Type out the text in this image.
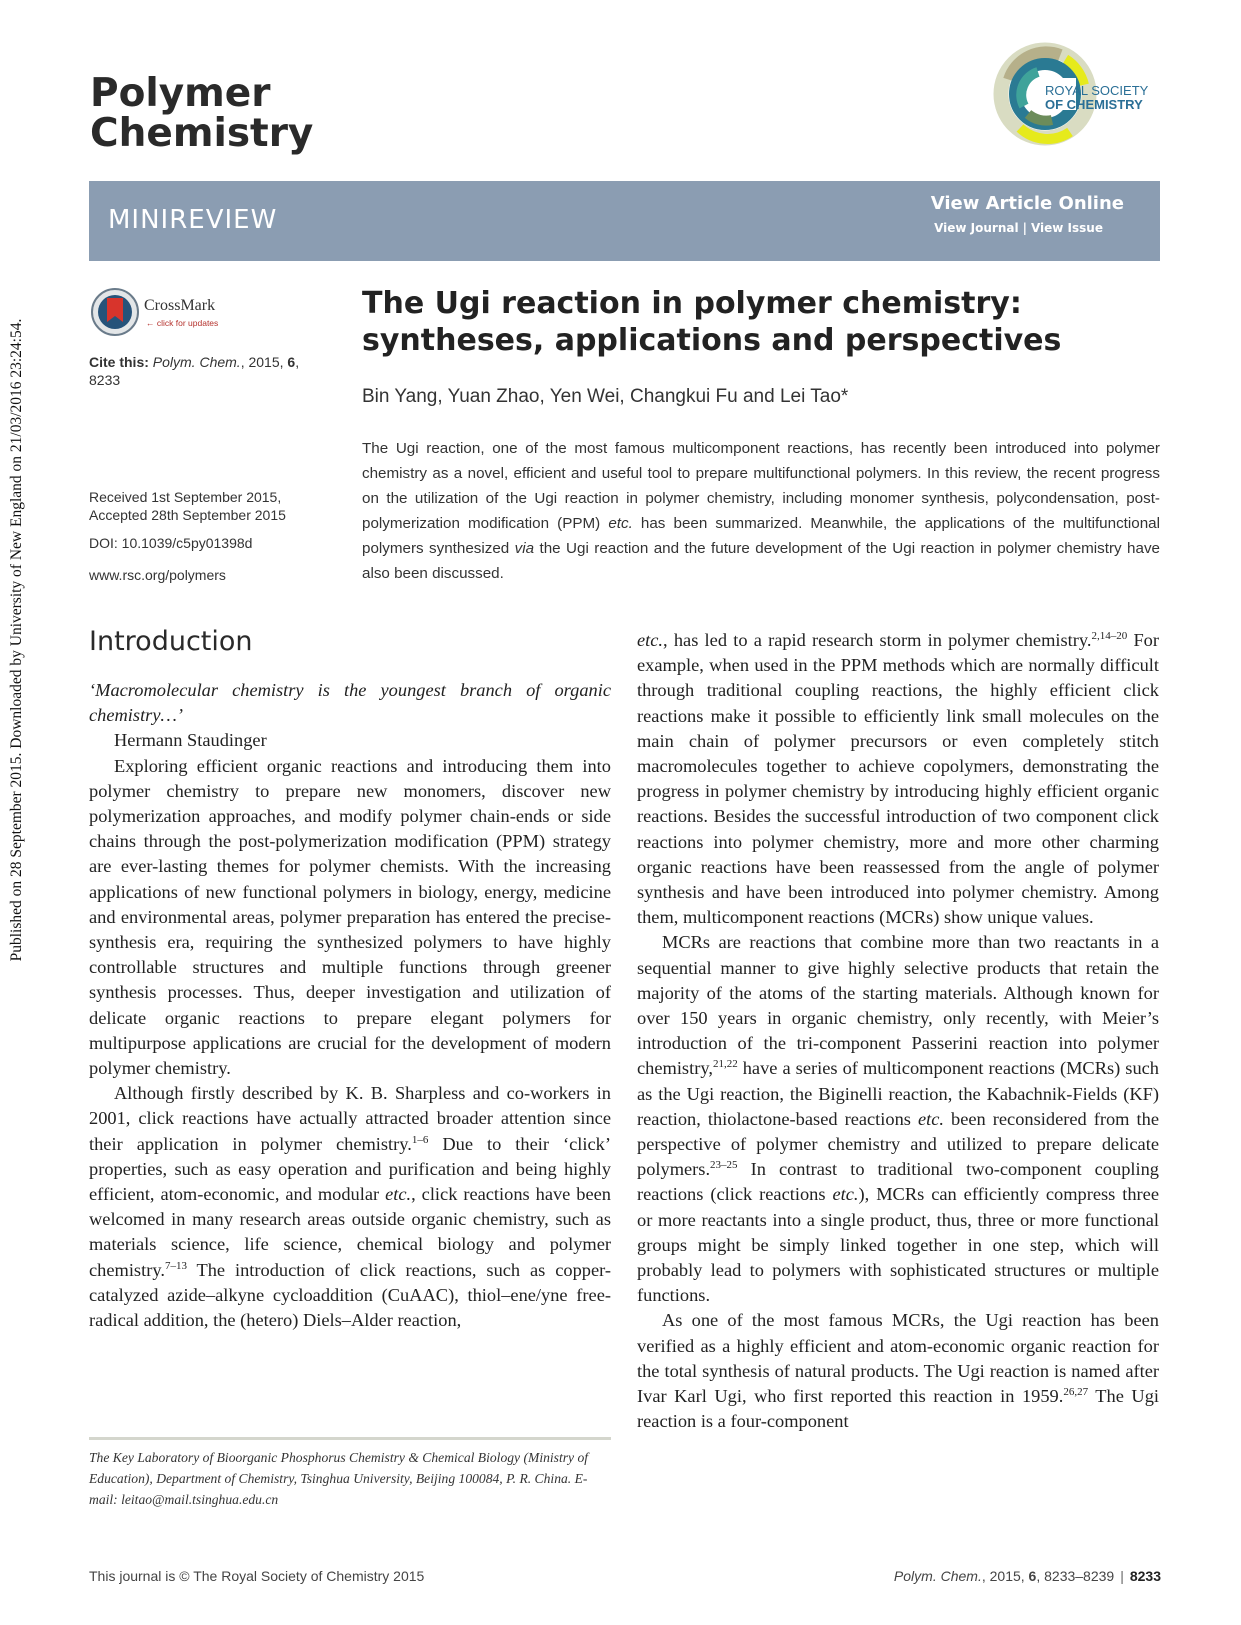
Published on 28 September 2015. Downloaded by University of New England on 21/03/2016 23:24:54.
Polymer
Chemistry
ROYAL SOCIETY
OF CHEMISTRY
MINIREVIEW
View Article Online
View Journal | View Issue
CrossMark
← click for updates
Cite this: Polym. Chem., 2015, 6,
8233
Received 1st September 2015,
Accepted 28th September 2015
DOI: 10.1039/c5py01398d
www.rsc.org/polymers
The Ugi reaction in polymer chemistry: syntheses, applications and perspectives
Bin Yang, Yuan Zhao, Yen Wei, Changkui Fu and Lei Tao*

The Ugi reaction, one of the most famous multicomponent reactions, has recently been introduced into polymer chemistry as a novel, efficient and useful tool to prepare multifunctional polymers. In this review, the recent progress on the utilization of the Ugi reaction in polymer chemistry, including monomer synthesis, polycondensation, post-polymerization modification (PPM) etc. has been summarized. Meanwhile, the applications of the multifunctional polymers synthesized via the Ugi reaction and the future development of the Ugi reaction in polymer chemistry have also been discussed.

Introduction

‘Macromolecular chemistry is the youngest branch of organic chemistry…’

Hermann Staudinger

Exploring efficient organic reactions and introducing them into polymer chemistry to prepare new monomers, discover new polymerization approaches, and modify polymer chain-ends or side chains through the post-polymerization modification (PPM) strategy are ever-lasting themes for polymer chemists. With the increasing applications of new functional polymers in biology, energy, medicine and environmental areas, polymer preparation has entered the precise-synthesis era, requiring the synthesized polymers to have highly controllable structures and multiple functions through greener synthesis processes. Thus, deeper investigation and utilization of delicate organic reactions to prepare elegant polymers for multipurpose applications are crucial for the development of modern polymer chemistry.

Although firstly described by K. B. Sharpless and co-workers in 2001, click reactions have actually attracted broader attention since their application in polymer chemistry.$^{1-6}$ Due to their ‘click’ properties, such as easy operation and purification and being highly efficient, atom-economic, and modular etc., click reactions have been welcomed in many research areas outside organic chemistry, such as materials science, life science, chemical biology and polymer chemistry.$^{7-13}$ The introduction of click reactions, such as copper-catalyzed azide–alkyne cycloaddition (CuAAC), thiol–ene/yne free-radical addition, the (hetero) Diels–Alder reaction,

etc., has led to a rapid research storm in polymer chemistry.$^{2,14-20}$ For example, when used in the PPM methods which are normally difficult through traditional coupling reactions, the highly efficient click reactions make it possible to efficiently link small molecules on the main chain of polymer precursors or even completely stitch macromolecules together to achieve copolymers, demonstrating the progress in polymer chemistry by introducing highly efficient organic reactions. Besides the successful introduction of two component click reactions into polymer chemistry, more and more other charming organic reactions have been reassessed from the angle of polymer synthesis and have been introduced into polymer chemistry. Among them, multicomponent reactions (MCRs) show unique values.

MCRs are reactions that combine more than two reactants in a sequential manner to give highly selective products that retain the majority of the atoms of the starting materials. Although known for over 150 years in organic chemistry, only recently, with Meier’s introduction of the tri-component Passerini reaction into polymer chemistry,$^{21,22}$ have a series of multicomponent reactions (MCRs) such as the Ugi reaction, the Biginelli reaction, the Kabachnik-Fields (KF) reaction, thiolactone-based reactions etc. been reconsidered from the perspective of polymer chemistry and utilized to prepare delicate polymers.$^{23-25}$ In contrast to traditional two-component coupling reactions (click reactions etc.), MCRs can efficiently compress three or more reactants into a single product, thus, three or more functional groups might be simply linked together in one step, which will probably lead to polymers with sophisticated structures or multiple functions.

As one of the most famous MCRs, the Ugi reaction has been verified as a highly efficient and atom-economic organic reaction for the total synthesis of natural products. The Ugi reaction is named after Ivar Karl Ugi, who first reported this reaction in 1959.$^{26,27}$ The Ugi reaction is a four-component

The Key Laboratory of Bioorganic Phosphorus Chemistry & Chemical Biology (Ministry of Education), Department of Chemistry, Tsinghua University, Beijing 100084, P. R. China. E-mail: leitao@mail.tsinghua.edu.cn

This journal is © The Royal Society of Chemistry 2015	Polym. Chem., 2015, 6, 8233–8239 | 8233
